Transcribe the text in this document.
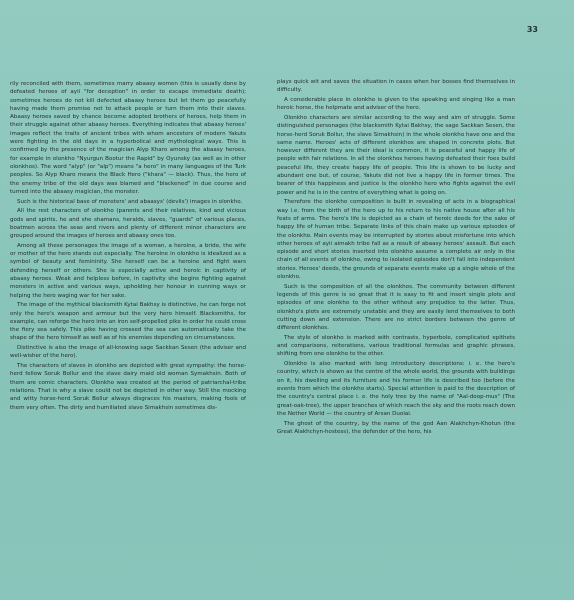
33

rily reconciled with them, sometimes marry abaasy women (this is usually done by defeated heroes of ayii "for deception" in order to escape immediate death); sometimes heroes do not kill defected abaasy heroes but let them go peacefully having made them promise not to attack people or turn them into their slaves. Abaasy heroes saved by chance become adopted brothers of heroes, help them in their struggle against other abaasy heroes. Everything indicates that abaasy heroes' images reflect the traits of ancient tribes with whom ancestors of modern Yakuts were fighting in the old days in a hyperbolical and mythological ways. This is confirmed by the presence of the magician Alyp Kharo among the abaasy heroes, for example in olonkho "Nyurgun Bootur the Rapid" by Oyunsky (as well as in other olonkhos). The word "alyp" (or "alp") means "a hero" in many languages of the Turk peoples. So Alyp Kharo means the Black Hero ("khara" — black). Thus, the hero of the enemy tribe of the old days was blamed and "blackened" in due course and turned into the abaasy magician, the monster.

Such is the historical base of monsters' and abaasys' (devils') images in olonkho.

All the rest characters of olonkho (parents and their relatives, kind and vicious gods and spirits, he and she shamans, heralds, slaves, "guards" of various places, boatmen across the seas and rivers and plenty of different minor characters are grouped around the images of heroes and abaasy ones too.

Among all these personages the image of a woman, a heroine, a bride, the wife or mother of the hero stands out especially. The heroine in olonkho is idealized as a symbol of beauty and femininity. She herself can be a heroine and fight wars defending herself or others. She is especially active and heroic in captivity of abaasy heroes. Weak and helpless before, in captivity she begins fighting against monsters in active and various ways, upholding her honour in cunning ways or helping the hero waging war for her sake.

The image of the mythical blacksmith Kytai Bakhsy is distinctive, he can forge not only the hero's weapon and armour but the very hero himself. Blacksmiths, for example, can reforge the hero into an iron self-propelled pike in order he could cross the fiery sea safely. This pike having crossed the sea can automatically take the shape of the hero himself as well as of his enemies depending on circumstances.

Distinctive is also the image of all-knowing sage Sackkan Sesen (the adviser and well-wisher of the hero).

The characters of slaves in olonkho are depicted with great sympathy: the horse-herd fellow Soruk Bollur and the slave dairy maid old woman Symakhsin. Both of them are comic characters. Olonkho was created at the period of patriarchal-tribe relations. That is why a slave could not be depicted in other way. Still the mocking and witty horse-herd Soruk Bollur always disgraces his masters, making fools of them very often. The dirty and humiliated slave Simakhsin sometimes dis-

plays quick wit and saves the situation in cases when her bosses find themselves in difficulty.

A considerable place in olonkho is given to the speaking and singing like a man heroic horse, the helpmate and adviser of the hero.

Olonkho characters are similar according to the way and aim of struggle. Some distinguished personages (the blacksmith Kytai Bakhsy, the sage Sackkan Sesen, the horse-herd Soruk Bollur, the slave Simakhsin) in the whole olonkho have one and the same name. Heroes' acts of different olonkhos are shaped in concrete plots. But however different they are their ideal is common, it is peaceful and happy life of people with fair relations. In all the olonkhos heroes having defeated their foes build peaceful life, they create happy life of people. This life is shown to be lucky and abundant one but, of course, Yakuts did not live a happy life in former times. The bearer of this happiness and justice is the olonkho hero who fights against the evil power and he is in the centre of everything what is going on.

Therefore the olonkho composition is built in revealing of acts in a biographical way i.e. from the birth of the hero up to his return to his native house after all his feats of arms. The hero's life is depicted as a chain of heroic deeds for the sake of happy life of human tribe. Separate links of this chain make up various episodes of the olonkho. Main events may be interrupted by stories about misfortune into which other heroes of ayii aimakh tribe fall as a result of abaasy heroes' assault. But each episode and short stories inserted into olonkho assume a complete air only in the chain of all events of olonkho, owing to isolated episodes don't fall into independent stories. Heroes' deeds, the grounds of separate events make up a single whole of the olonkho.

Such is the composition of all the olonkhos. The community between different legends of this genre is so great that it is easy to fit and insert single plots and episodes of one olonkho to the other without any prejudice to the latter. Thus, olonkho's plots are extremely unstable and they are easily lend themselves to both cutting down and extension. There are no strict borders between the genre of different olonkhos.

The style of olonkho is marked with contrasts, hyperbole, complicated epithets and comparisons, reiterations, various traditional formulas and graphic phrases, shifting from one olonkho to the other.

Olonkho is also marked with long introductory descriptions: i. e. the hero's country, which is shown as the centre of the whole world, the grounds with buildings on it, his dwelling and its furniture and his former life is described too (before the events from which the olonkho starts). Special attention is paid to the description of the country's central place i. e. the holy tree by the name of "Aal-doop-mus" (The great-oak-tree), the upper branches of which reach the sky and the roots reach down the Nether World — the country of Arsan Duolai.

The ghost of the country, by the name of the god Aan Alakhchyn-Khotun (the Great Alakhchyn-hostess), the defender of the hero, his
